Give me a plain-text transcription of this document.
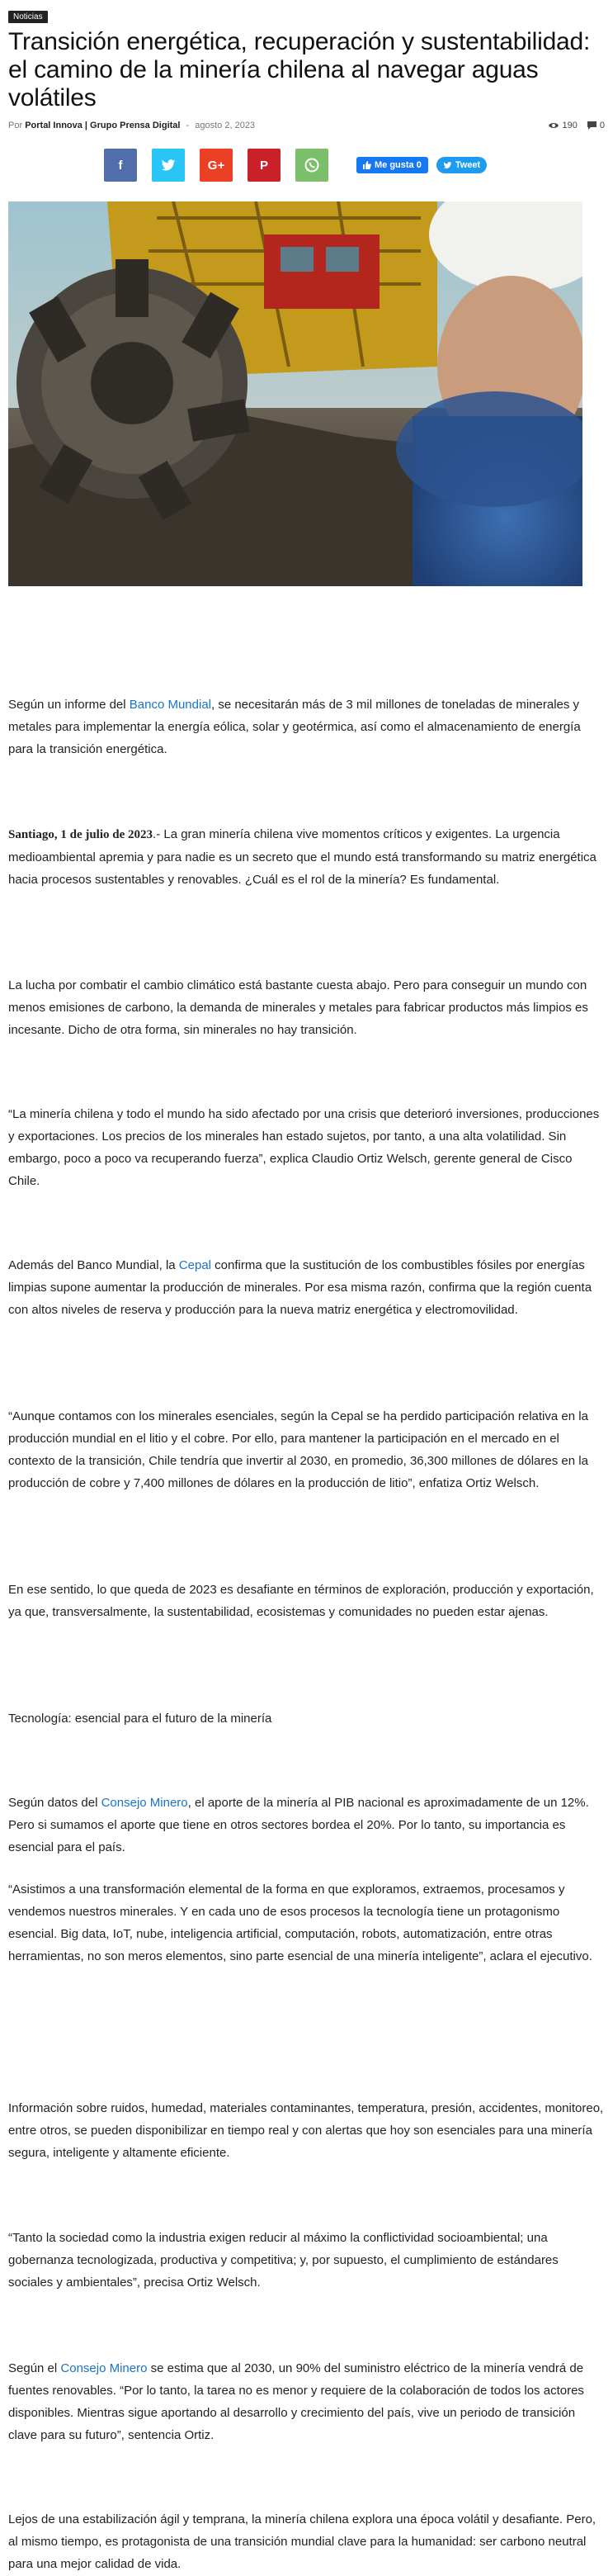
Noticias
Transición energética, recuperación y sustentabilidad: el camino de la minería chilena al navegar aguas volátiles
Por Portal Innova | Grupo Prensa Digital - agosto 2, 2023	190 0
f	G+	P	Me gusta 0	Tweet

Según un informe del Banco Mundial, se necesitarán más de 3 mil millones de toneladas de minerales y metales para implementar la energía eólica, solar y geotérmica, así como el almacenamiento de energía para la transición energética.

Santiago, 1 de julio de 2023.- La gran minería chilena vive momentos críticos y exigentes. La urgencia medioambiental apremia y para nadie es un secreto que el mundo está transformando su matriz energética hacia procesos sustentables y renovables. ¿Cuál es el rol de la minería? Es fundamental.

La lucha por combatir el cambio climático está bastante cuesta abajo. Pero para conseguir un mundo con menos emisiones de carbono, la demanda de minerales y metales para fabricar productos más limpios es incesante. Dicho de otra forma, sin minerales no hay transición.

“La minería chilena y todo el mundo ha sido afectado por una crisis que deterioró inversiones, producciones y exportaciones. Los precios de los minerales han estado sujetos, por tanto, a una alta volatilidad. Sin embargo, poco a poco va recuperando fuerza”, explica Claudio Ortiz Welsch, gerente general de Cisco Chile.

Además del Banco Mundial, la Cepal confirma que la sustitución de los combustibles fósiles por energías limpias supone aumentar la producción de minerales. Por esa misma razón, confirma que la región cuenta con altos niveles de reserva y producción para la nueva matriz energética y electromovilidad.

“Aunque contamos con los minerales esenciales, según la Cepal se ha perdido participación relativa en la producción mundial en el litio y el cobre. Por ello, para mantener la participación en el mercado en el contexto de la transición, Chile tendría que invertir al 2030, en promedio, 36,300 millones de dólares en la producción de cobre y 7,400 millones de dólares en la producción de litio”, enfatiza Ortiz Welsch.

En ese sentido, lo que queda de 2023 es desafiante en términos de exploración, producción y exportación, ya que, transversalmente, la sustentabilidad, ecosistemas y comunidades no pueden estar ajenas.

Tecnología: esencial para el futuro de la minería

Según datos del Consejo Minero, el aporte de la minería al PIB nacional es aproximadamente de un 12%. Pero si sumamos el aporte que tiene en otros sectores bordea el 20%. Por lo tanto, su importancia es esencial para el país.

“Asistimos a una transformación elemental de la forma en que exploramos, extraemos, procesamos y vendemos nuestros minerales. Y en cada uno de esos procesos la tecnología tiene un protagonismo esencial. Big data, IoT, nube, inteligencia artificial, computación, robots, automatización, entre otras herramientas, no son meros elementos, sino parte esencial de una minería inteligente”, aclara el ejecutivo.

Información sobre ruidos, humedad, materiales contaminantes, temperatura, presión, accidentes, monitoreo, entre otros, se pueden disponibilizar en tiempo real y con alertas que hoy son esenciales para una minería segura, inteligente y altamente eficiente.

“Tanto la sociedad como la industria exigen reducir al máximo la conflictividad socioambiental; una gobernanza tecnologizada, productiva y competitiva; y, por supuesto, el cumplimiento de estándares sociales y ambientales”, precisa Ortiz Welsch.

Según el Consejo Minero se estima que al 2030, un 90% del suministro eléctrico de la minería vendrá de fuentes renovables. “Por lo tanto, la tarea no es menor y requiere de la colaboración de todos los actores disponibles. Mientras sigue aportando al desarrollo y crecimiento del país, vive un periodo de transición clave para su futuro”, sentencia Ortiz.

Lejos de una estabilización ágil y temprana, la minería chilena explora una época volátil y desafiante. Pero, al mismo tiempo, es protagonista de una transición mundial clave para la humanidad: ser carbono neutral para una mejor calidad de vida.
